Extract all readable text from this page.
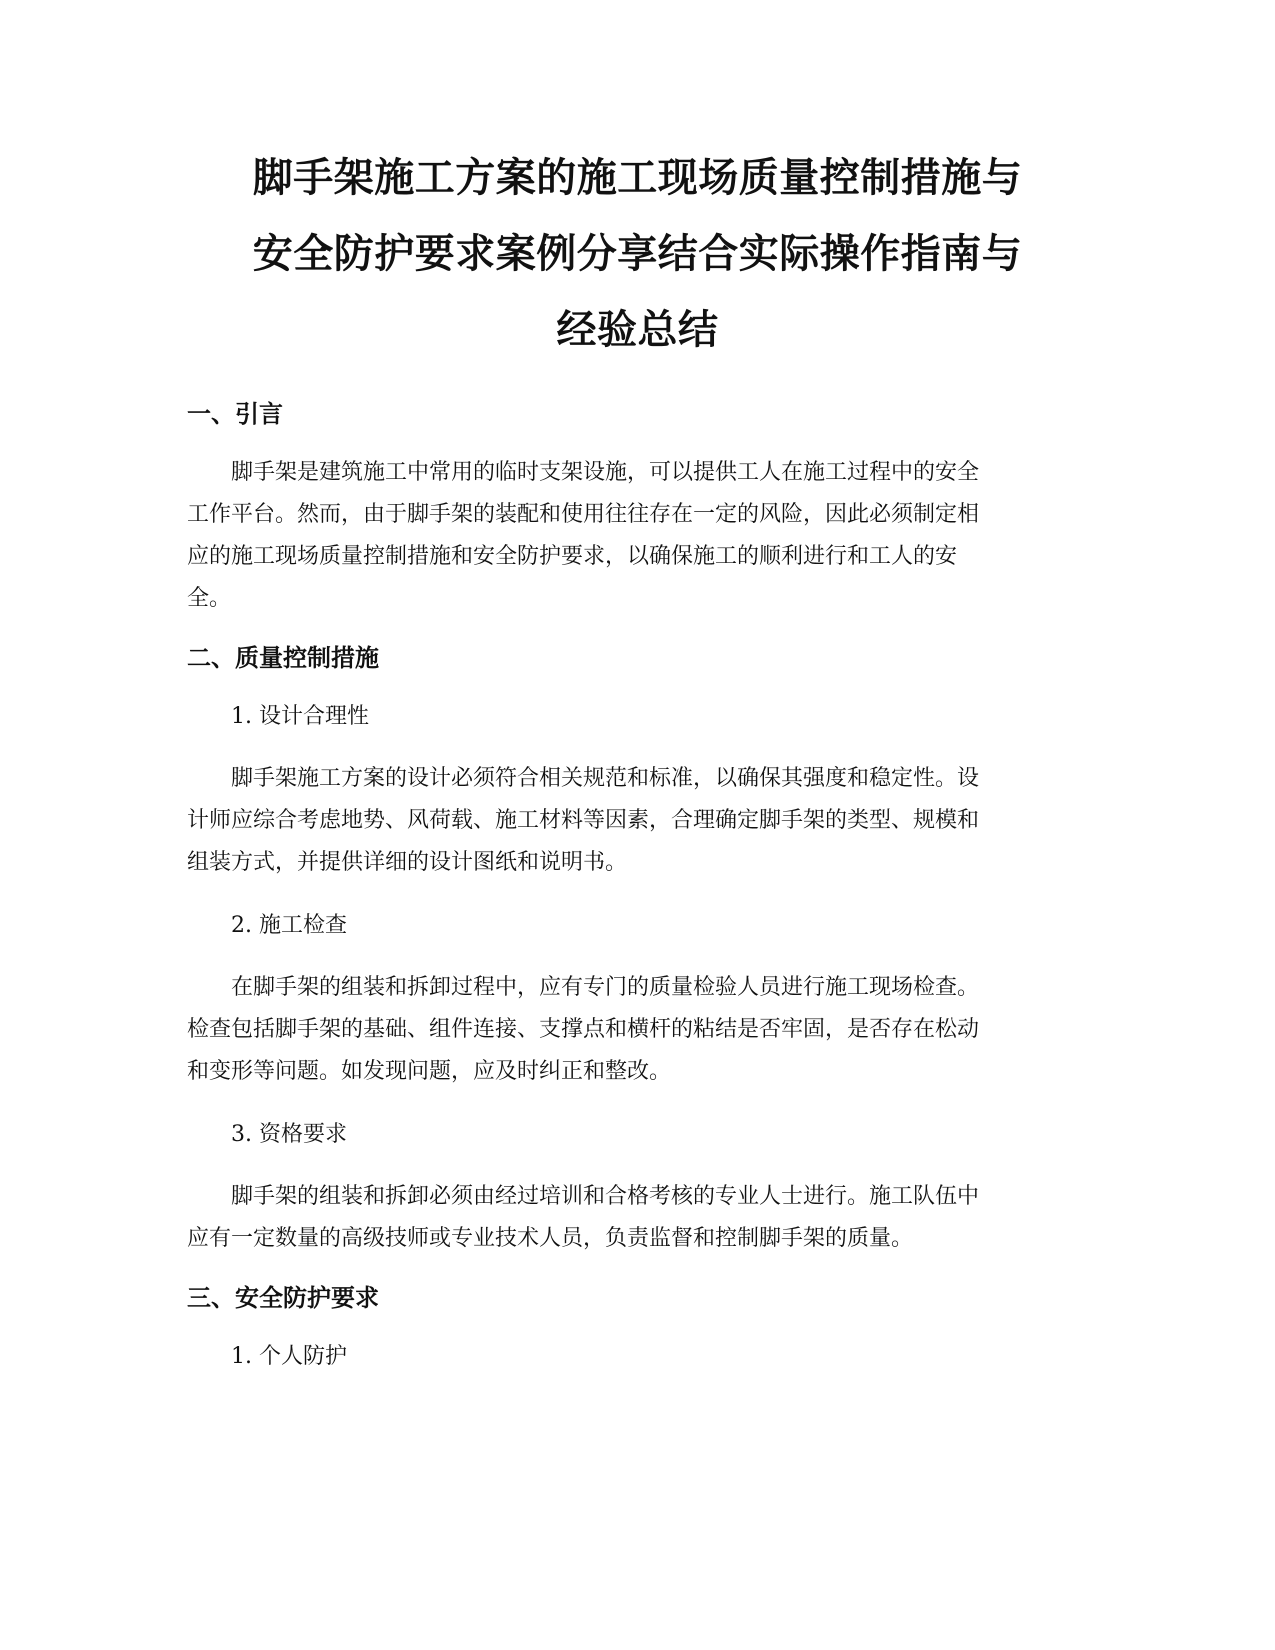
脚手架施工方案的施工现场质量控制措施与
安全防护要求案例分享结合实际操作指南与
经验总结
一、引言
脚手架是建筑施工中常用的临时支架设施，可以提供工人在施工过程中的安全
工作平台。然而，由于脚手架的装配和使用往往存在一定的风险，因此必须制定相
应的施工现场质量控制措施和安全防护要求，以确保施工的顺利进行和工人的安
全。
二、质量控制措施
1. 设计合理性
脚手架施工方案的设计必须符合相关规范和标准，以确保其强度和稳定性。设
计师应综合考虑地势、风荷载、施工材料等因素，合理确定脚手架的类型、规模和
组装方式，并提供详细的设计图纸和说明书。
2. 施工检查
在脚手架的组装和拆卸过程中，应有专门的质量检验人员进行施工现场检查。
检查包括脚手架的基础、组件连接、支撑点和横杆的粘结是否牢固，是否存在松动
和变形等问题。如发现问题，应及时纠正和整改。
3. 资格要求
脚手架的组装和拆卸必须由经过培训和合格考核的专业人士进行。施工队伍中
应有一定数量的高级技师或专业技术人员，负责监督和控制脚手架的质量。
三、安全防护要求
1. 个人防护
